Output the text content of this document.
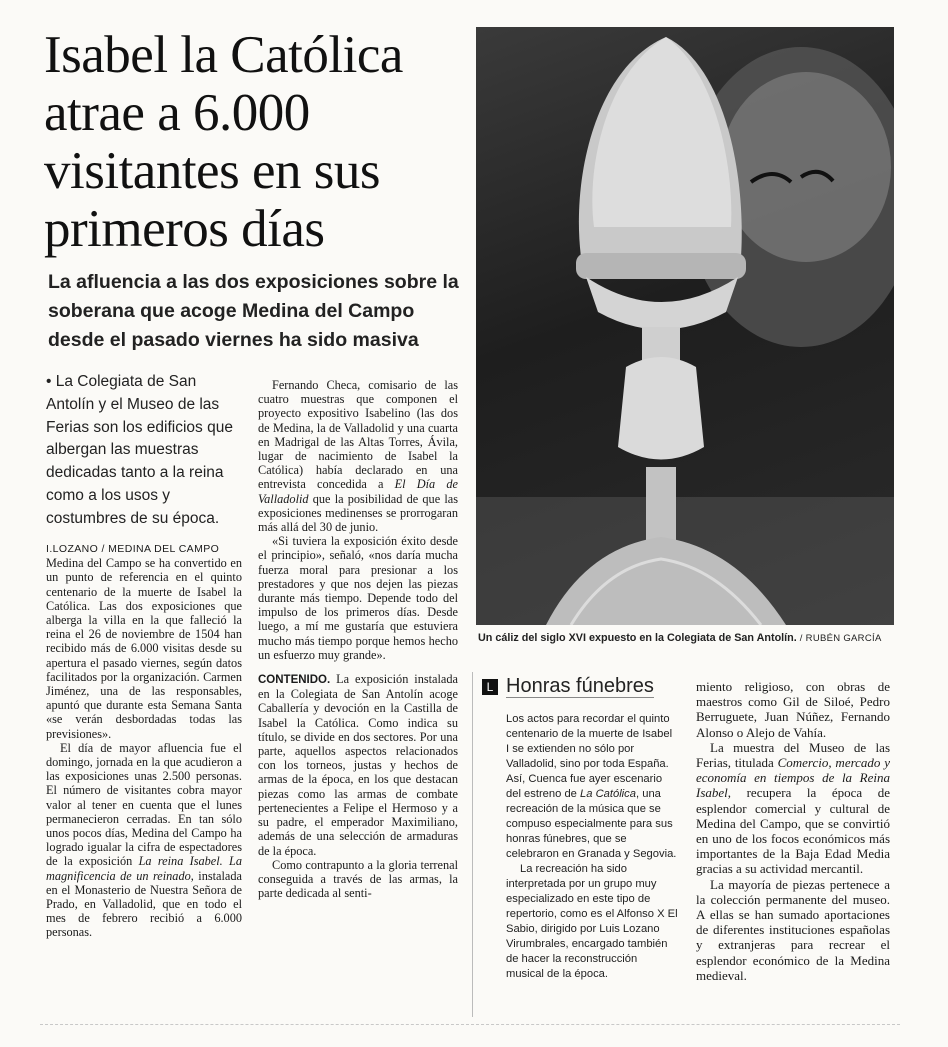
Isabel la Católica atrae a 6.000 visitantes en sus primeros días
La afluencia a las dos exposiciones sobre la soberana que acoge Medina del Campo desde el pasado viernes ha sido masiva

• La Colegiata de San Antolín y el Museo de las Ferias son los edificios que albergan las muestras dedicadas tanto a la reina como a los usos y costumbres de su época.

I.LOZANO / MEDINA DEL CAMPO
Medina del Campo se ha convertido en un punto de referencia en el quinto centenario de la muerte de Isabel la Católica. Las dos exposiciones que alberga la villa en la que falleció la reina el 26 de noviembre de 1504 han recibido más de 6.000 visitas desde su apertura el pasado viernes, según datos facilitados por la organización. Carmen Jiménez, una de las responsables, apuntó que durante esta Semana Santa «se verán desbordadas todas las previsiones».

El día de mayor afluencia fue el domingo, jornada en la que acudieron a las exposiciones unas 2.500 personas. El número de visitantes cobra mayor valor al tener en cuenta que el lunes permanecieron cerradas. En tan sólo unos pocos días, Medina del Campo ha logrado igualar la cifra de espectadores de la exposición La reina Isabel. La magnificencia de un reinado, instalada en el Monasterio de Nuestra Señora de Prado, en Valladolid, que en todo el mes de febrero recibió a 6.000 personas.

Fernando Checa, comisario de las cuatro muestras que componen el proyecto expositivo Isabelino (las dos de Medina, la de Valladolid y una cuarta en Madrigal de las Altas Torres, Ávila, lugar de nacimiento de Isabel la Católica) había declarado en una entrevista concedida a El Día de Valladolid que la posibilidad de que las exposiciones medinenses se prorrogaran más allá del 30 de junio.

«Si tuviera la exposición éxito desde el principio», señaló, «nos daría mucha fuerza moral para presionar a los prestadores y que nos dejen las piezas durante más tiempo. Depende todo del impulso de los primeros días. Desde luego, a mí me gustaría que estuviera mucho más tiempo porque hemos hecho un esfuerzo muy grande».

CONTENIDO. La exposición instalada en la Colegiata de San Antolín acoge Caballería y devoción en la Castilla de Isabel la Católica. Como indica su título, se divide en dos sectores. Por una parte, aquellos aspectos relacionados con los torneos, justas y hechos de armas de la época, en los que destacan piezas como las armas de combate pertenecientes a Felipe el Hermoso y a su padre, el emperador Maximiliano, además de una selección de armaduras de la época.

Como contrapunto a la gloria terrenal conseguida a través de las armas, la parte dedicada al senti-

Un cáliz del siglo XVI expuesto en la Colegiata de San Antolín. / RUBÉN GARCÍA

L Honras fúnebres

Los actos para recordar el quinto centenario de la muerte de Isabel I se extienden no sólo por Valladolid, sino por toda España. Así, Cuenca fue ayer escenario del estreno de La Católica, una recreación de la música que se compuso especialmente para sus honras fúnebres, que se celebraron en Granada y Segovia.

La recreación ha sido interpretada por un grupo muy especializado en este tipo de repertorio, como es el Alfonso X El Sabio, dirigido por Luis Lozano Virumbrales, encargado también de hacer la reconstrucción musical de la época.

miento religioso, con obras de maestros como Gil de Siloé, Pedro Berruguete, Juan Núñez, Fernando Alonso o Alejo de Vahía.

La muestra del Museo de las Ferias, titulada Comercio, mercado y economía en tiempos de la Reina Isabel, recupera la época de esplendor comercial y cultural de Medina del Campo, que se convirtió en uno de los focos económicos más importantes de la Baja Edad Media gracias a su actividad mercantil.

La mayoría de piezas pertenece a la colección permanente del museo. A ellas se han sumado aportaciones de diferentes instituciones españolas y extranjeras para recrear el esplendor económico de la Medina medieval.
